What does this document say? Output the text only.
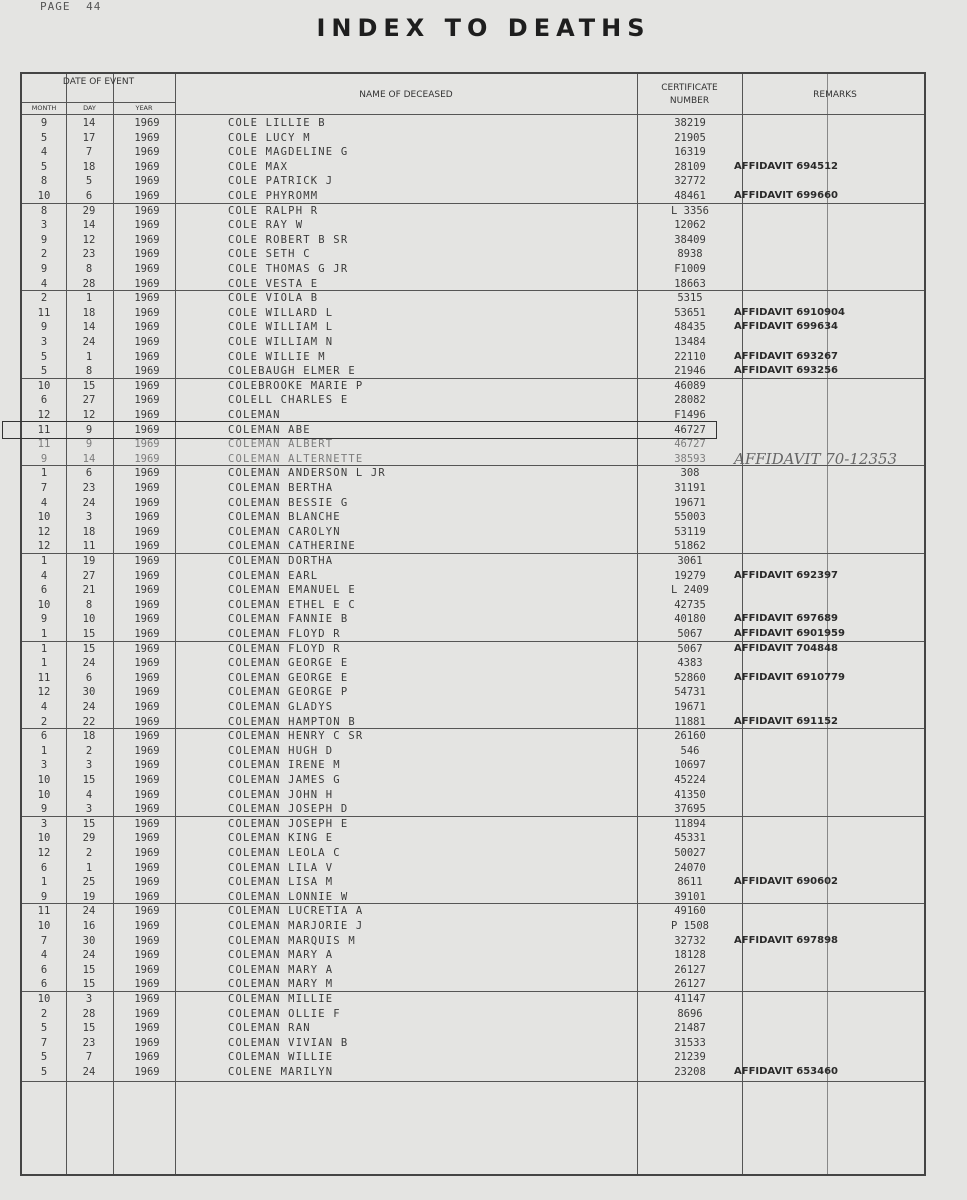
PAGE 44
INDEX TO DEATHS
DATE OF EVENT
MONTH	DAY	YEAR
NAME OF DECEASED
CERTIFICATE NUMBER
REMARKS
9	14	1969	COLE LILLIE B	38219
5	17	1969	COLE LUCY M	21905
4	7	1969	COLE MAGDELINE G	16319
5	18	1969	COLE MAX	28109	AFFIDAVIT 694512
8	5	1969	COLE PATRICK J	32772
10	6	1969	COLE PHYROMM	48461	AFFIDAVIT 699660
8	29	1969	COLE RALPH R	L 3356
3	14	1969	COLE RAY W	12062
9	12	1969	COLE ROBERT B SR	38409
2	23	1969	COLE SETH C	8938
9	8	1969	COLE THOMAS G JR	F1009
4	28	1969	COLE VESTA E	18663
2	1	1969	COLE VIOLA B	5315
11	18	1969	COLE WILLARD L	53651	AFFIDAVIT 6910904
9	14	1969	COLE WILLIAM L	48435	AFFIDAVIT 699634
3	24	1969	COLE WILLIAM N	13484
5	1	1969	COLE WILLIE M	22110	AFFIDAVIT 693267
5	8	1969	COLEBAUGH ELMER E	21946	AFFIDAVIT 693256
10	15	1969	COLEBROOKE MARIE P	46089
6	27	1969	COLELL CHARLES E	28082
12	12	1969	COLEMAN	F1496
11	9	1969	COLEMAN ABE	46727
11	9	1969	COLEMAN ALBERT	46727
9	14	1969	COLEMAN ALTERNETTE	38593	AFFIDAVIT 70-12353
1	6	1969	COLEMAN ANDERSON L JR	308
7	23	1969	COLEMAN BERTHA	31191
4	24	1969	COLEMAN BESSIE G	19671
10	3	1969	COLEMAN BLANCHE	55003
12	18	1969	COLEMAN CAROLYN	53119
12	11	1969	COLEMAN CATHERINE	51862
1	19	1969	COLEMAN DORTHA	3061
4	27	1969	COLEMAN EARL	19279	AFFIDAVIT 692397
6	21	1969	COLEMAN EMANUEL E	L 2409
10	8	1969	COLEMAN ETHEL E C	42735
9	10	1969	COLEMAN FANNIE B	40180	AFFIDAVIT 697689
1	15	1969	COLEMAN FLOYD R	5067	AFFIDAVIT 6901959
1	15	1969	COLEMAN FLOYD R	5067	AFFIDAVIT 704848
1	24	1969	COLEMAN GEORGE E	4383
11	6	1969	COLEMAN GEORGE E	52860	AFFIDAVIT 6910779
12	30	1969	COLEMAN GEORGE P	54731
4	24	1969	COLEMAN GLADYS	19671
2	22	1969	COLEMAN HAMPTON B	11881	AFFIDAVIT 691152
6	18	1969	COLEMAN HENRY C SR	26160
1	2	1969	COLEMAN HUGH D	546
3	3	1969	COLEMAN IRENE M	10697
10	15	1969	COLEMAN JAMES G	45224
10	4	1969	COLEMAN JOHN H	41350
9	3	1969	COLEMAN JOSEPH D	37695
3	15	1969	COLEMAN JOSEPH E	11894
10	29	1969	COLEMAN KING E	45331
12	2	1969	COLEMAN LEOLA C	50027
6	1	1969	COLEMAN LILA V	24070
1	25	1969	COLEMAN LISA M	8611	AFFIDAVIT 690602
9	19	1969	COLEMAN LONNIE W	39101
11	24	1969	COLEMAN LUCRETIA A	49160
10	16	1969	COLEMAN MARJORIE J	P 1508
7	30	1969	COLEMAN MARQUIS M	32732	AFFIDAVIT 697898
4	24	1969	COLEMAN MARY A	18128
6	15	1969	COLEMAN MARY A	26127
6	15	1969	COLEMAN MARY M	26127
10	3	1969	COLEMAN MILLIE	41147
2	28	1969	COLEMAN OLLIE F	8696
5	15	1969	COLEMAN RAN	21487
7	23	1969	COLEMAN VIVIAN B	31533
5	7	1969	COLEMAN WILLIE	21239
5	24	1969	COLENE MARILYN	23208	AFFIDAVIT 653460
